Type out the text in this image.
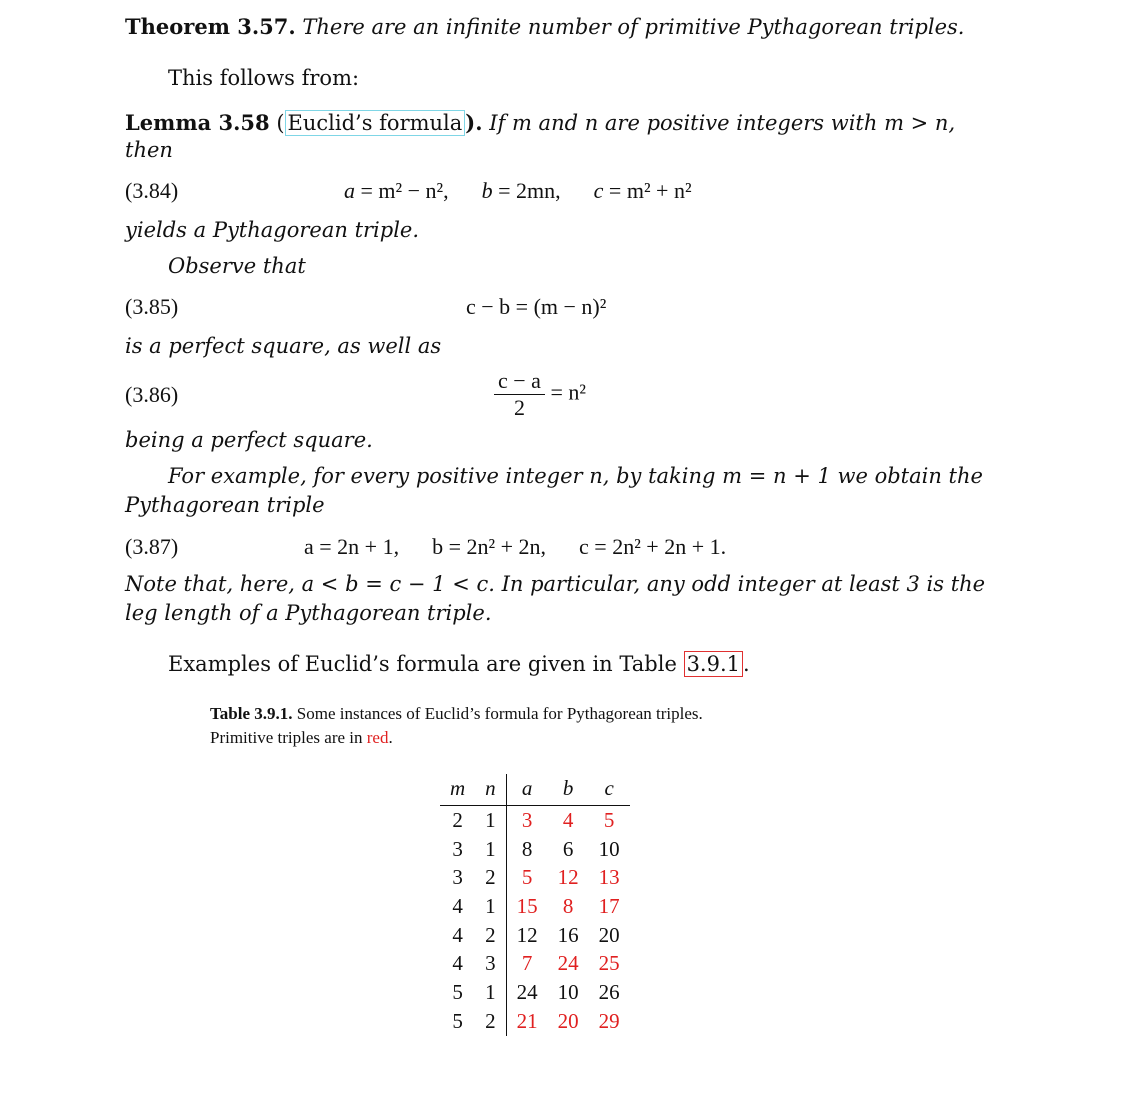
Theorem 3.57. There are an infinite number of primitive Pythagorean triples.
This follows from:
Lemma 3.58 ( Euclid’s formula ). If m and n are positive integers with m > n,
then
(3.84)	a = m² − n², b = 2mn, c = m² + n²
yields a Pythagorean triple.
Observe that
(3.85)	c − b = (m − n)²
is a perfect square, as well as
(3.86)	$\frac{c - a}{2} = n^2$
being a perfect square.
For example, for every positive integer n, by taking m = n + 1 we obtain the
Pythagorean triple
(3.87)	a = 2n + 1, b = 2n² + 2n, c = 2n² + 2n + 1.
Note that, here, a < b = c − 1 < c. In particular, any odd integer at least 3 is the
leg length of a Pythagorean triple.
Examples of Euclid’s formula are given in Table 3.9.1 .
Table 3.9.1. Some instances of Euclid’s formula for Pythagorean triples.
Primitive triples are in red.
m	n	a	b	c
2	1	3	4	5
3	1	8	6	10
3	2	5	12	13
4	1	15	8	17
4	2	12	16	20
4	3	7	24	25
5	1	24	10	26
5	2	21	20	29
